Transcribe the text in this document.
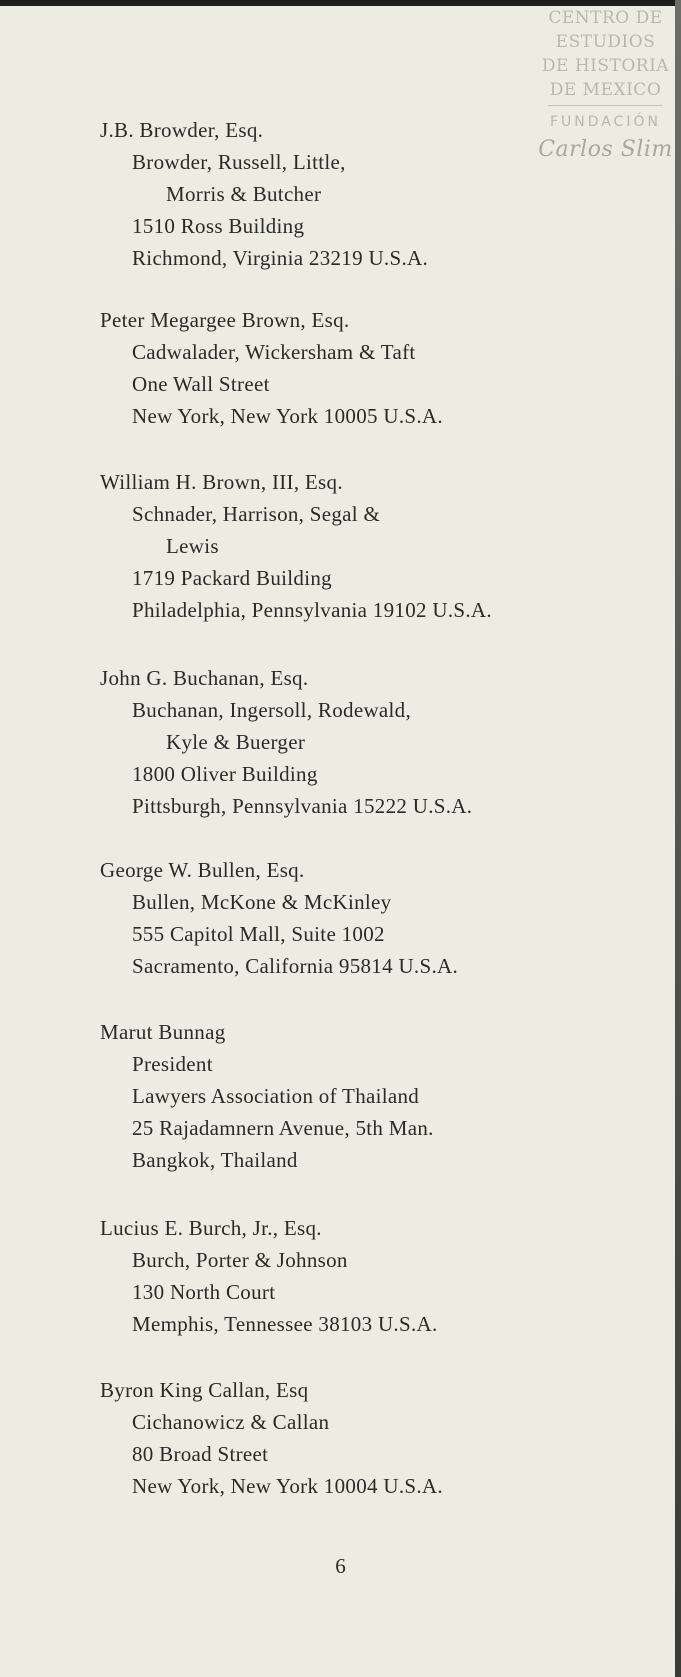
CENTRO DE
ESTUDIOS
DE HISTORIA
DE MEXICO
FUNDACIÓN
Carlos Slim
J.B. Browder, Esq.
Browder, Russell, Little,
Morris & Butcher
1510 Ross Building
Richmond, Virginia 23219 U.S.A.
Peter Megargee Brown, Esq.
Cadwalader, Wickersham & Taft
One Wall Street
New York, New York 10005 U.S.A.
William H. Brown, III, Esq.
Schnader, Harrison, Segal &
Lewis
1719 Packard Building
Philadelphia, Pennsylvania 19102 U.S.A.
John G. Buchanan, Esq.
Buchanan, Ingersoll, Rodewald,
Kyle & Buerger
1800 Oliver Building
Pittsburgh, Pennsylvania 15222 U.S.A.
George W. Bullen, Esq.
Bullen, McKone & McKinley
555 Capitol Mall, Suite 1002
Sacramento, California 95814 U.S.A.
Marut Bunnag
President
Lawyers Association of Thailand
25 Rajadamnern Avenue, 5th Man.
Bangkok, Thailand
Lucius E. Burch, Jr., Esq.
Burch, Porter & Johnson
130 North Court
Memphis, Tennessee 38103 U.S.A.
Byron King Callan, Esq
Cichanowicz & Callan
80 Broad Street
New York, New York 10004 U.S.A.
6
